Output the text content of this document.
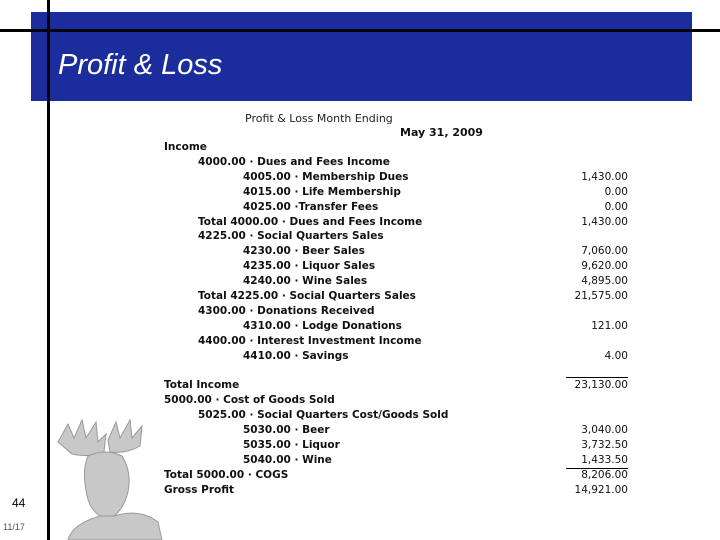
Profit & Loss
Profit & Loss Month Ending
May 31, 2009
Income
4000.00 · Dues and Fees Income
4005.00 · Membership Dues	1,430.00
4015.00 · Life Membership	0.00
4025.00 ·Transfer Fees	0.00
Total 4000.00 · Dues and Fees Income	1,430.00
4225.00 · Social Quarters Sales
4230.00 · Beer Sales	7,060.00
4235.00 · Liquor Sales	9,620.00
4240.00 · Wine Sales	4,895.00
Total 4225.00 · Social Quarters Sales	21,575.00
4300.00 · Donations Received
4310.00 · Lodge Donations	121.00
4400.00 · Interest Investment Income
4410.00 · Savings	4.00
Total Income	23,130.00
5000.00 · Cost of Goods Sold
5025.00 · Social Quarters Cost/Goods Sold
5030.00 · Beer	3,040.00
5035.00 · Liquor	3,732.50
5040.00 · Wine	1,433.50
Total 5000.00 · COGS	8,206.00
Gross Profit	14,921.00
44
11/17
